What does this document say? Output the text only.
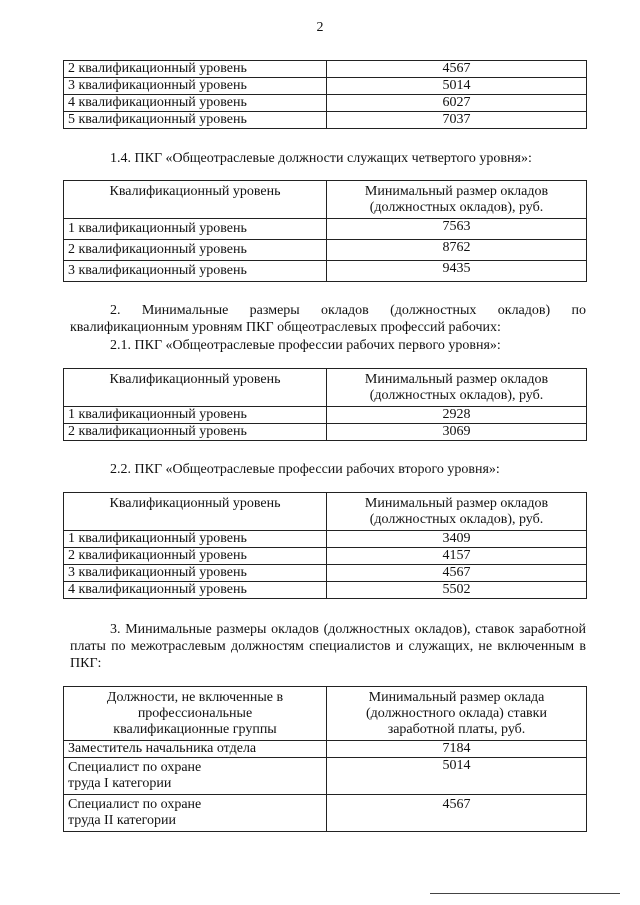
2
2 квалификационный уровень	4567
3 квалификационный уровень	5014
4 квалификационный уровень	6027
5 квалификационный уровень	7037
1.4. ПКГ «Общеотраслевые должности служащих четвертого уровня»:
Квалификационный уровень	Минимальный размер окладов (должностных окладов), руб.
1 квалификационный уровень	7563
2 квалификационный уровень	8762
3 квалификационный уровень	9435
2. Минимальные размеры окладов (должностных окладов) по квалификационным уровням ПКГ общеотраслевых профессий рабочих:
2.1. ПКГ «Общеотраслевые профессии рабочих первого уровня»:
Квалификационный уровень	Минимальный размер окладов (должностных окладов), руб.
1 квалификационный уровень	2928
2 квалификационный уровень	3069
2.2. ПКГ «Общеотраслевые профессии рабочих второго уровня»:
Квалификационный уровень	Минимальный размер окладов (должностных окладов), руб.
1 квалификационный уровень	3409
2 квалификационный уровень	4157
3 квалификационный уровень	4567
4 квалификационный уровень	5502
3. Минимальные размеры окладов (должностных окладов), ставок заработной платы по межотраслевым должностям специалистов и служащих, не включенным в ПКГ:
Должности, не включенные в профессиональные квалификационные группы	Минимальный размер оклада (должностного оклада) ставки заработной платы, руб.
Заместитель начальника отдела	7184
Специалист по охране труда I категории	5014
Специалист по охране труда II категории	4567
